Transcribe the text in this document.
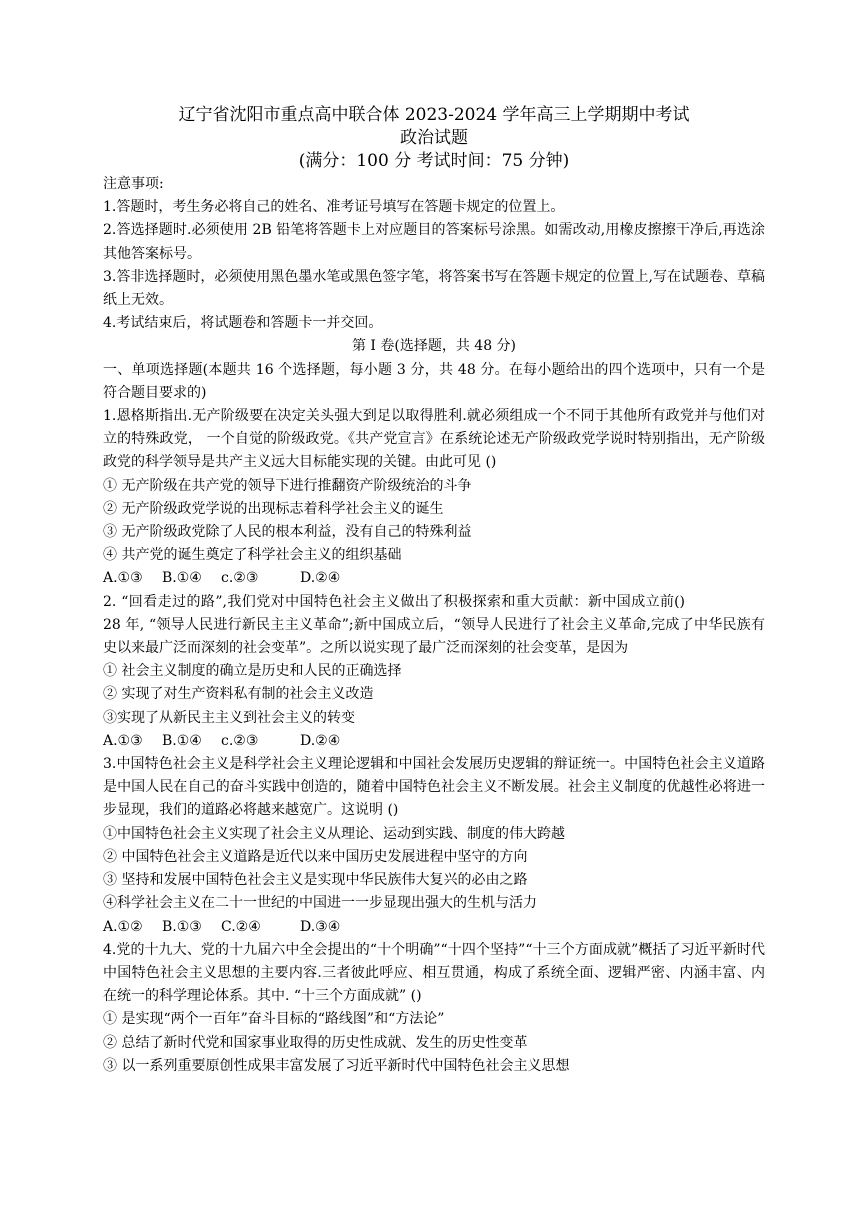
辽宁省沈阳市重点高中联合体 2023-2024 学年高三上学期期中考试

政治试题

(满分：100 分 考试时间：75 分钟)

注意事项:

1.答题时，考生务必将自己的姓名、准考证号填写在答题卡规定的位置上。

2.答选择题时.必须使用 2B 铅笔将答题卡上对应题目的答案标号涂黑。如需改动,用橡皮擦擦干净后,再选涂其他答案标号。

3.答非选择题时，必须使用黑色墨水笔或黑色签字笔，将答案书写在答题卡规定的位置上,写在试题卷、草稿纸上无效。

4.考试结束后，将试题卷和答题卡一并交回。

第 Ⅰ 卷(选择题，共 48 分)

一、单项选择题(本题共 16 个选择题，每小题 3 分，共 48 分。在每小题给出的四个选项中，只有一个是符合题目要求的)

1.恩格斯指出.无产阶级要在决定关头强大到足以取得胜利.就必须组成一个不同于其他所有政党并与他们对立的特殊政党， 一个自觉的阶级政党。《共产党宣言》在系统论述无产阶级政党学说时特别指出，无产阶级政党的科学领导是共产主义远大目标能实现的关键。由此可见 ()

① 无产阶级在共产党的领导下进行推翻资产阶级统治的斗争

② 无产阶级政党学说的出现标志着科学社会主义的诞生

③ 无产阶级政党除了人民的根本利益，没有自己的特殊利益

④ 共产党的诞生奠定了科学社会主义的组织基础

A.①③ B.①④ c.②③	D.②④

()
2. “回看走过的路”,我们党对中国特色社会主义做出了积极探索和重大贡献：新中国成立前28 年, “领导人民进行新民主主义革命”;新中国成立后，“领导人民进行了社会主义革命,完成了中华民族有史以来最广泛而深刻的社会变革”。之所以说实现了最广泛而深刻的社会变革，是因为

① 社会主义制度的确立是历史和人民的正确选择

② 实现了对生产资料私有制的社会主义改造

③实现了从新民主主义到社会主义的转变

A.①③ B.①④ c.②③	D.②④

3.中国特色社会主义是科学社会主义理论逻辑和中国社会发展历史逻辑的辩证统一。中国特色社会主义道路是中国人民在自己的奋斗实践中创造的，随着中国特色社会主义不断发展。社会主义制度的优越性必将进一步显现，我们的道路必将越来越宽广。这说明 ()

①中国特色社会主义实现了社会主义从理论、运动到实践、制度的伟大跨越

② 中国特色社会主义道路是近代以来中国历史发展进程中坚守的方向

③ 坚持和发展中国特色社会主义是实现中华民族伟大复兴的必由之路

④科学社会主义在二十一世纪的中国进一一步显现出强大的生机与活力

A.①② B.①③ C.②④	D.③④

4.党的十九大、党的十九届六中全会提出的“十个明确”“十四个坚持”“十三个方面成就”概括了习近平新时代中国特色社会主义思想的主要内容.三者彼此呼应、相互贯通，构成了系统全面、逻辑严密、内涵丰富、内在统一的科学理论体系。其中. “十三个方面成就” ()

① 是实现“两个一百年”奋斗目标的“路线图”和“方法论”

② 总结了新时代党和国家事业取得的历史性成就、发生的历史性变革

③ 以一系列重要原创性成果丰富发展了习近平新时代中国特色社会主义思想
